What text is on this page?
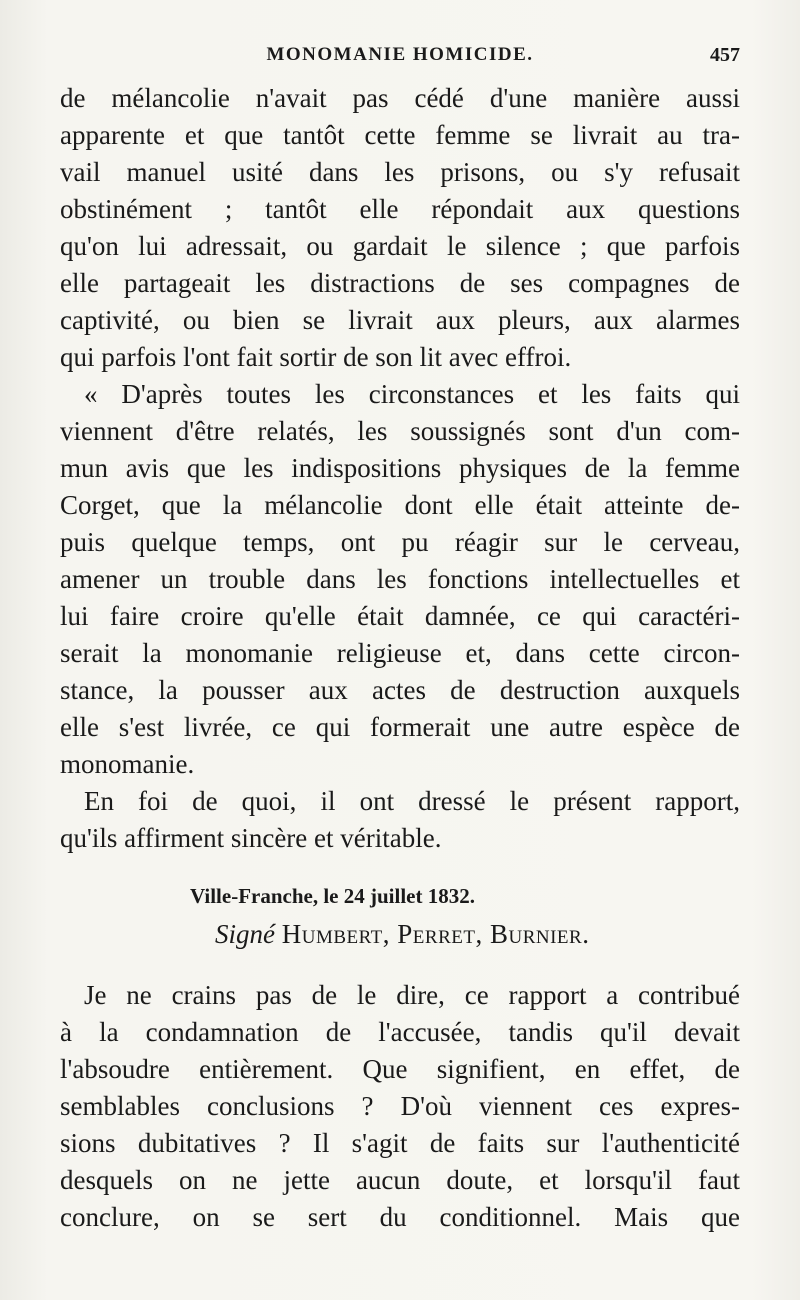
MONOMANIE HOMICIDE.	457
de mélancolie n'avait pas cédé d'une manière aussi
apparente et que tantôt cette femme se livrait au tra-
vail manuel usité dans les prisons, ou s'y refusait
obstinément ; tantôt elle répondait aux questions
qu'on lui adressait, ou gardait le silence ; que parfois
elle partageait les distractions de ses compagnes de
captivité, ou bien se livrait aux pleurs, aux alarmes
qui parfois l'ont fait sortir de son lit avec effroi.
« D'après toutes les circonstances et les faits qui
viennent d'être relatés, les soussignés sont d'un com-
mun avis que les indispositions physiques de la femme
Corget, que la mélancolie dont elle était atteinte de-
puis quelque temps, ont pu réagir sur le cerveau,
amener un trouble dans les fonctions intellectuelles et
lui faire croire qu'elle était damnée, ce qui caractéri-
serait la monomanie religieuse et, dans cette circon-
stance, la pousser aux actes de destruction auxquels
elle s'est livrée, ce qui formerait une autre espèce de
monomanie.
En foi de quoi, il ont dressé le présent rapport,
qu'ils affirment sincère et véritable.
Ville-Franche, le 24 juillet 1832.
Signé Humbert, Perret, Burnier.
Je ne crains pas de le dire, ce rapport a contribué
à la condamnation de l'accusée, tandis qu'il devait
l'absoudre entièrement. Que signifient, en effet, de
semblables conclusions ? D'où viennent ces expres-
sions dubitatives ? Il s'agit de faits sur l'authenticité
desquels on ne jette aucun doute, et lorsqu'il faut
conclure, on se sert du conditionnel. Mais que
